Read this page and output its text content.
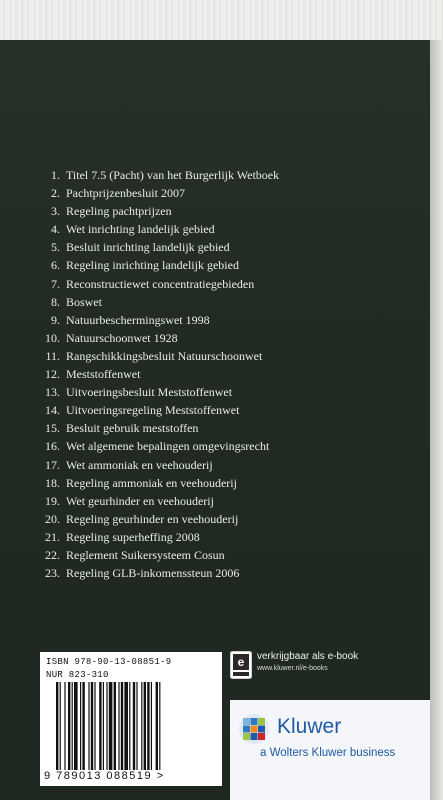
1. Titel 7.5 (Pacht) van het Burgerlijk Wetboek
2. Pachtprijzenbesluit 2007
3. Regeling pachtprijzen
4. Wet inrichting landelijk gebied
5. Besluit inrichting landelijk gebied
6. Regeling inrichting landelijk gebied
7. Reconstructiewet concentratiegebieden
8. Boswet
9. Natuurbeschermingswet 1998
10. Natuurschoonwet 1928
11. Rangschikkingsbesluit Natuurschoonwet
12. Meststoffenwet
13. Uitvoeringsbesluit Meststoffenwet
14. Uitvoeringsregeling Meststoffenwet
15. Besluit gebruik meststoffen
16. Wet algemene bepalingen omgevingsrecht
17. Wet ammoniak en veehouderij
18. Regeling ammoniak en veehouderij
19. Wet geurhinder en veehouderij
20. Regeling geurhinder en veehouderij
21. Regeling superheffing 2008
22. Reglement Suikersysteem Cosun
23. Regeling GLB-inkomenssteun 2006
ISBN 978-90-13-08851-9
NUR 823-310
9 789013 088519 >
e verkrijgbaar als e-book
www.kluwer.nl/e-books
Kluwer
a Wolters Kluwer business
